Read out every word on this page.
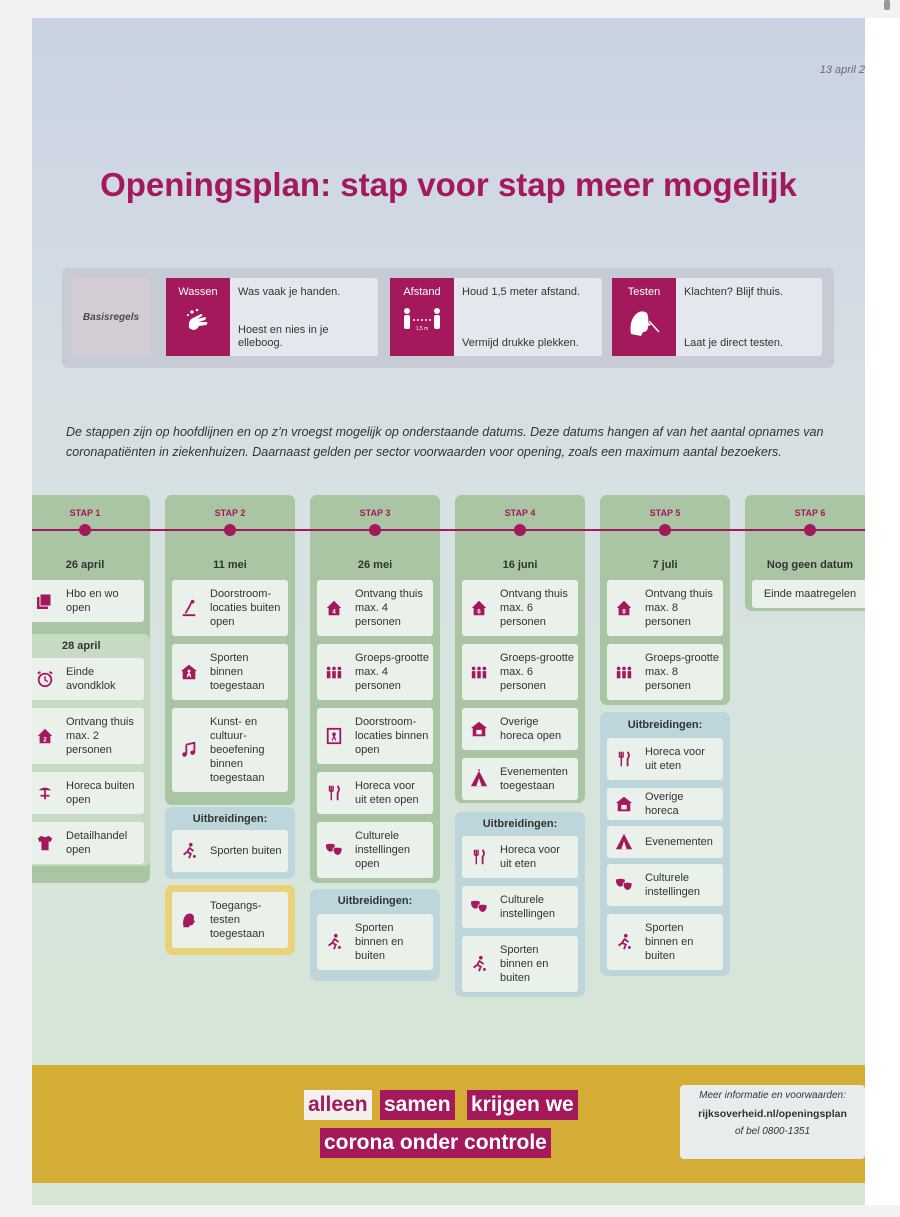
13 april 2
Openingsplan: stap voor stap meer mogelijk
Basisregels
Wassen	Was vaak je handen.
Hoest en nies in je elleboog.
Afstand
1,5 m
Houd 1,5 meter afstand.
Vermijd drukke plekken.
Testen	Klachten? Blijf thuis.
Laat je direct testen.
De stappen zijn op hoofdlijnen en op z’n vroegst mogelijk op onderstaande datums. Deze datums hangen af van het aantal opnames van coronapatiënten in ziekenhuizen. Daarnaast gelden per sector voorwaarden voor opening, zoals een maximum aantal bezoekers.
STAP 1	STAP 2	STAP 3	STAP 4	STAP 5	STAP 6
26 april	11 mei	26 mei	16 juni	7 juli	Nog geen datum
28 april
Hbo en wo open
Einde avondklok
2
Ontvang thuis max. 2 personen
Horeca buiten open
Detailhandel open
Doorstroom-locaties buiten open
Sporten binnen toegestaan
Kunst- en cultuur-beoefening binnen toegestaan
Uitbreidingen:
Sporten buiten
Toegangs-testen toegestaan
4
Ontvang thuis max. 4 personen
Groeps-grootte max. 4 personen
Doorstroom-locaties binnen open
Horeca voor uit eten open
Culturele instellingen open
Uitbreidingen:
Sporten binnen en buiten
6
Ontvang thuis max. 6 personen
Groeps-grootte max. 6 personen
Overige horeca open
Evenementen toegestaan
Uitbreidingen:
Horeca voor uit eten
Culturele instellingen
Sporten binnen en buiten
8
Ontvang thuis max. 8 personen
Groeps-grootte max. 8 personen
Uitbreidingen:
Horeca voor uit eten
Overige horeca
Evenementen
Culturele instellingen
Sporten binnen en buiten
Einde maatregelen
alleen samen krijgen we
corona onder controle
Meer informatie en voorwaarden:
rijksoverheid.nl/openingsplan
of bel 0800-1351
